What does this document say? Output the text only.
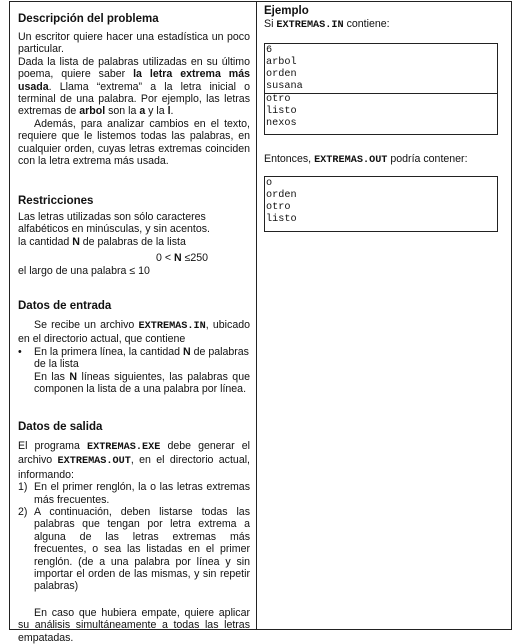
Descripción del problema

Un escritor quiere hacer una estadística un poco particular.

Dada la lista de palabras utilizadas en su último poema, quiere saber la letra extrema más usada. Llama “extrema” a la letra inicial o terminal de una palabra. Por ejemplo, las letras extremas de arbol son la a y la l.

Además, para analizar cambios en el texto, requiere que le listemos todas las palabras, en cualquier orden, cuyas letras extremas coinciden con la letra extrema más usada.

Restricciones

Las letras utilizadas son sólo caracteres alfabéticos en minúsculas, y sin acentos.

la cantidad N de palabras de la lista

0 < N ≤250

el largo de una palabra ≤ 10

Datos de entrada

Se recibe un archivo EXTREMAS.IN, ubicado en el directorio actual, que contiene

• En la primera línea, la cantidad N de palabras de la lista

En las N líneas siguientes, las palabras que componen la lista de a una palabra por línea.

Datos de salida

El programa EXTREMAS.EXE debe generar el archivo EXTREMAS.OUT, en el directorio actual, informando:

1) En el primer renglón, la o las letras extremas más frecuentes.
2) A continuación, deben listarse todas las palabras que tengan por letra extrema a alguna de las letras extremas más frecuentes, o sea las listadas en el primer renglón. (de a una palabra por línea y sin importar el orden de las mismas, y sin repetir palabras)

En caso que hubiera empate, quiere aplicar su análisis simultáneamente a todas las letras empatadas.

Ejemplo

Si EXTREMAS.IN contiene:

6
arbol
orden
susana
otro
listo
nexos

Entonces, EXTREMAS.OUT podría contener:

o
orden
otro
listo
